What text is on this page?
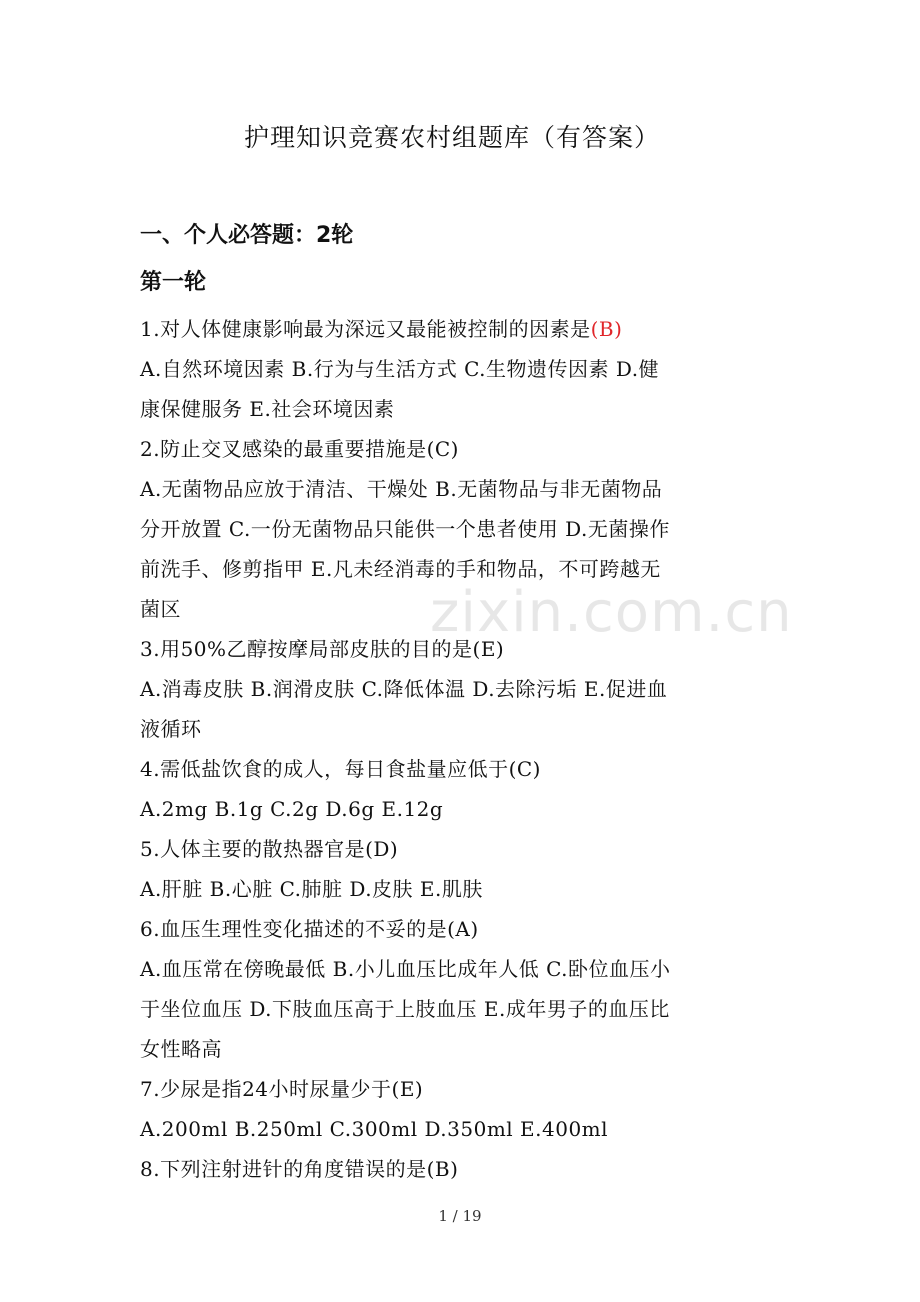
护理知识竞赛农村组题库（有答案）
一、个人必答题：2轮
第一轮

1.对人体健康影响最为深远又最能被控制的因素是(B)

A.自然环境因素 B.行为与生活方式 C.生物遗传因素 D.健

康保健服务 E.社会环境因素

2.防止交叉感染的最重要措施是(C)

A.无菌物品应放于清洁、干燥处 B.无菌物品与非无菌物品

分开放置 C.一份无菌物品只能供一个患者使用 D.无菌操作

前洗手、修剪指甲 E.凡未经消毒的手和物品，不可跨越无

菌区

3.用50%乙醇按摩局部皮肤的目的是(E)

A.消毒皮肤 B.润滑皮肤 C.降低体温 D.去除污垢 E.促进血

液循环

4.需低盐饮食的成人，每日食盐量应低于(C)

A.2mg B.1g C.2g D.6g E.12g

5.人体主要的散热器官是(D)

A.肝脏 B.心脏 C.肺脏 D.皮肤 E.肌肤

6.血压生理性变化描述的不妥的是(A)

A.血压常在傍晚最低 B.小儿血压比成年人低 C.卧位血压小

于坐位血压 D.下肢血压高于上肢血压 E.成年男子的血压比

女性略高

7.少尿是指24小时尿量少于(E)

A.200ml B.250ml C.300ml D.350ml E.400ml

8.下列注射进针的角度错误的是(B)

zixin.com.cn
1 / 19
